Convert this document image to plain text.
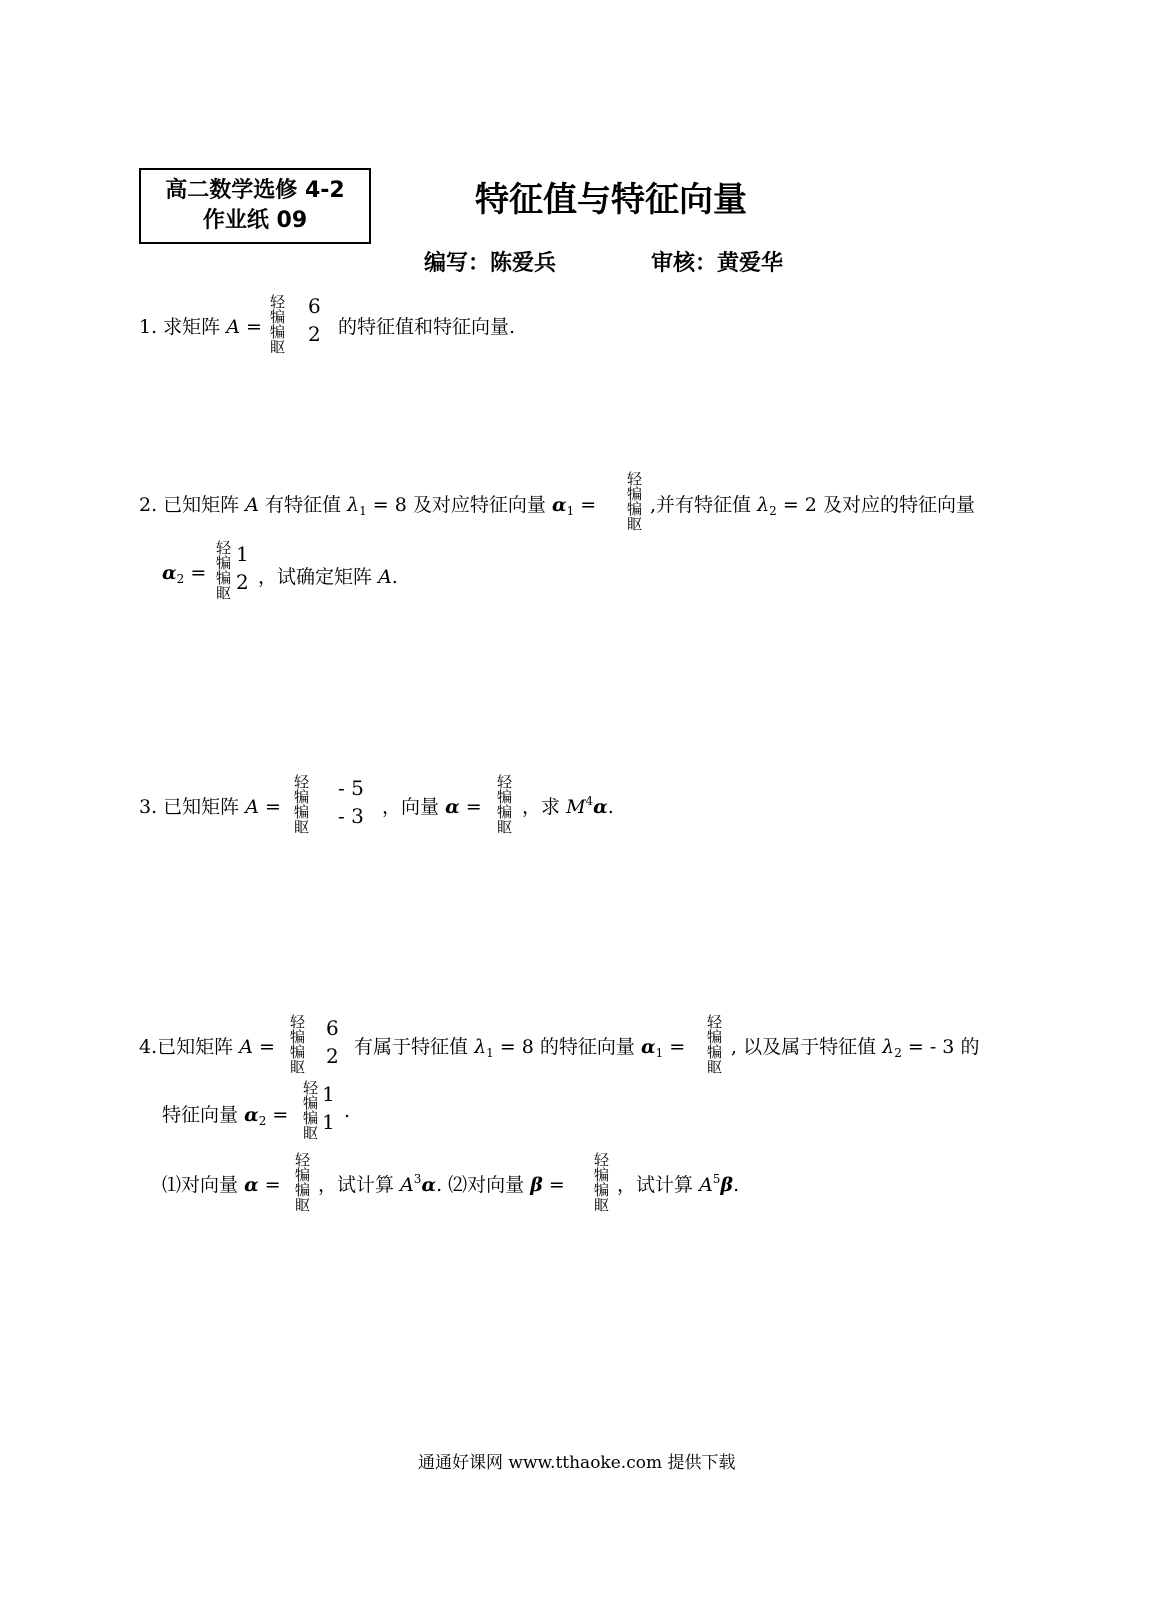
高二数学选修 4-2
作业纸 09
特征值与特征向量
编写：陈爱兵	审核：黄爱华
1. 求矩阵 A =
轻
犏
犏
眍
6
2 的特征值和特征向量.
2. 已知矩阵 A 有特征值 $\lambda_1 = 8$ 及对应特征向量 $\alpha_1$ =
轻
犏
犏
眍
,并有特征值 $\lambda_2 = 2$ 及对应的特征向量
$\alpha_2$ =
轻
犏
犏
眍
1
2 ，试确定矩阵 A.
3. 已知矩阵 A =
轻
犏
犏
眍
- 5
- 3 ，向量 α =
轻
犏
犏
眍
，求 $M^4\alpha$.
4.已知矩阵 A =
轻
犏
犏
眍
6
2 有属于特征值 $\lambda_1 = 8$ 的特征向量 $\alpha_1$ =
轻
犏
犏
眍
, 以及属于特征值 $\lambda_2$ = - 3 的
特征向量 $\alpha_2$ =
轻
犏
犏
眍
1
1 .
⑴对向量 α =
轻
犏
犏
眍
，试计算 $A^3\alpha$. ⑵对向量 β =
轻
犏
犏
眍
，试计算 $A^5\beta$.
通通好课网 www.tthaoke.com 提供下载
